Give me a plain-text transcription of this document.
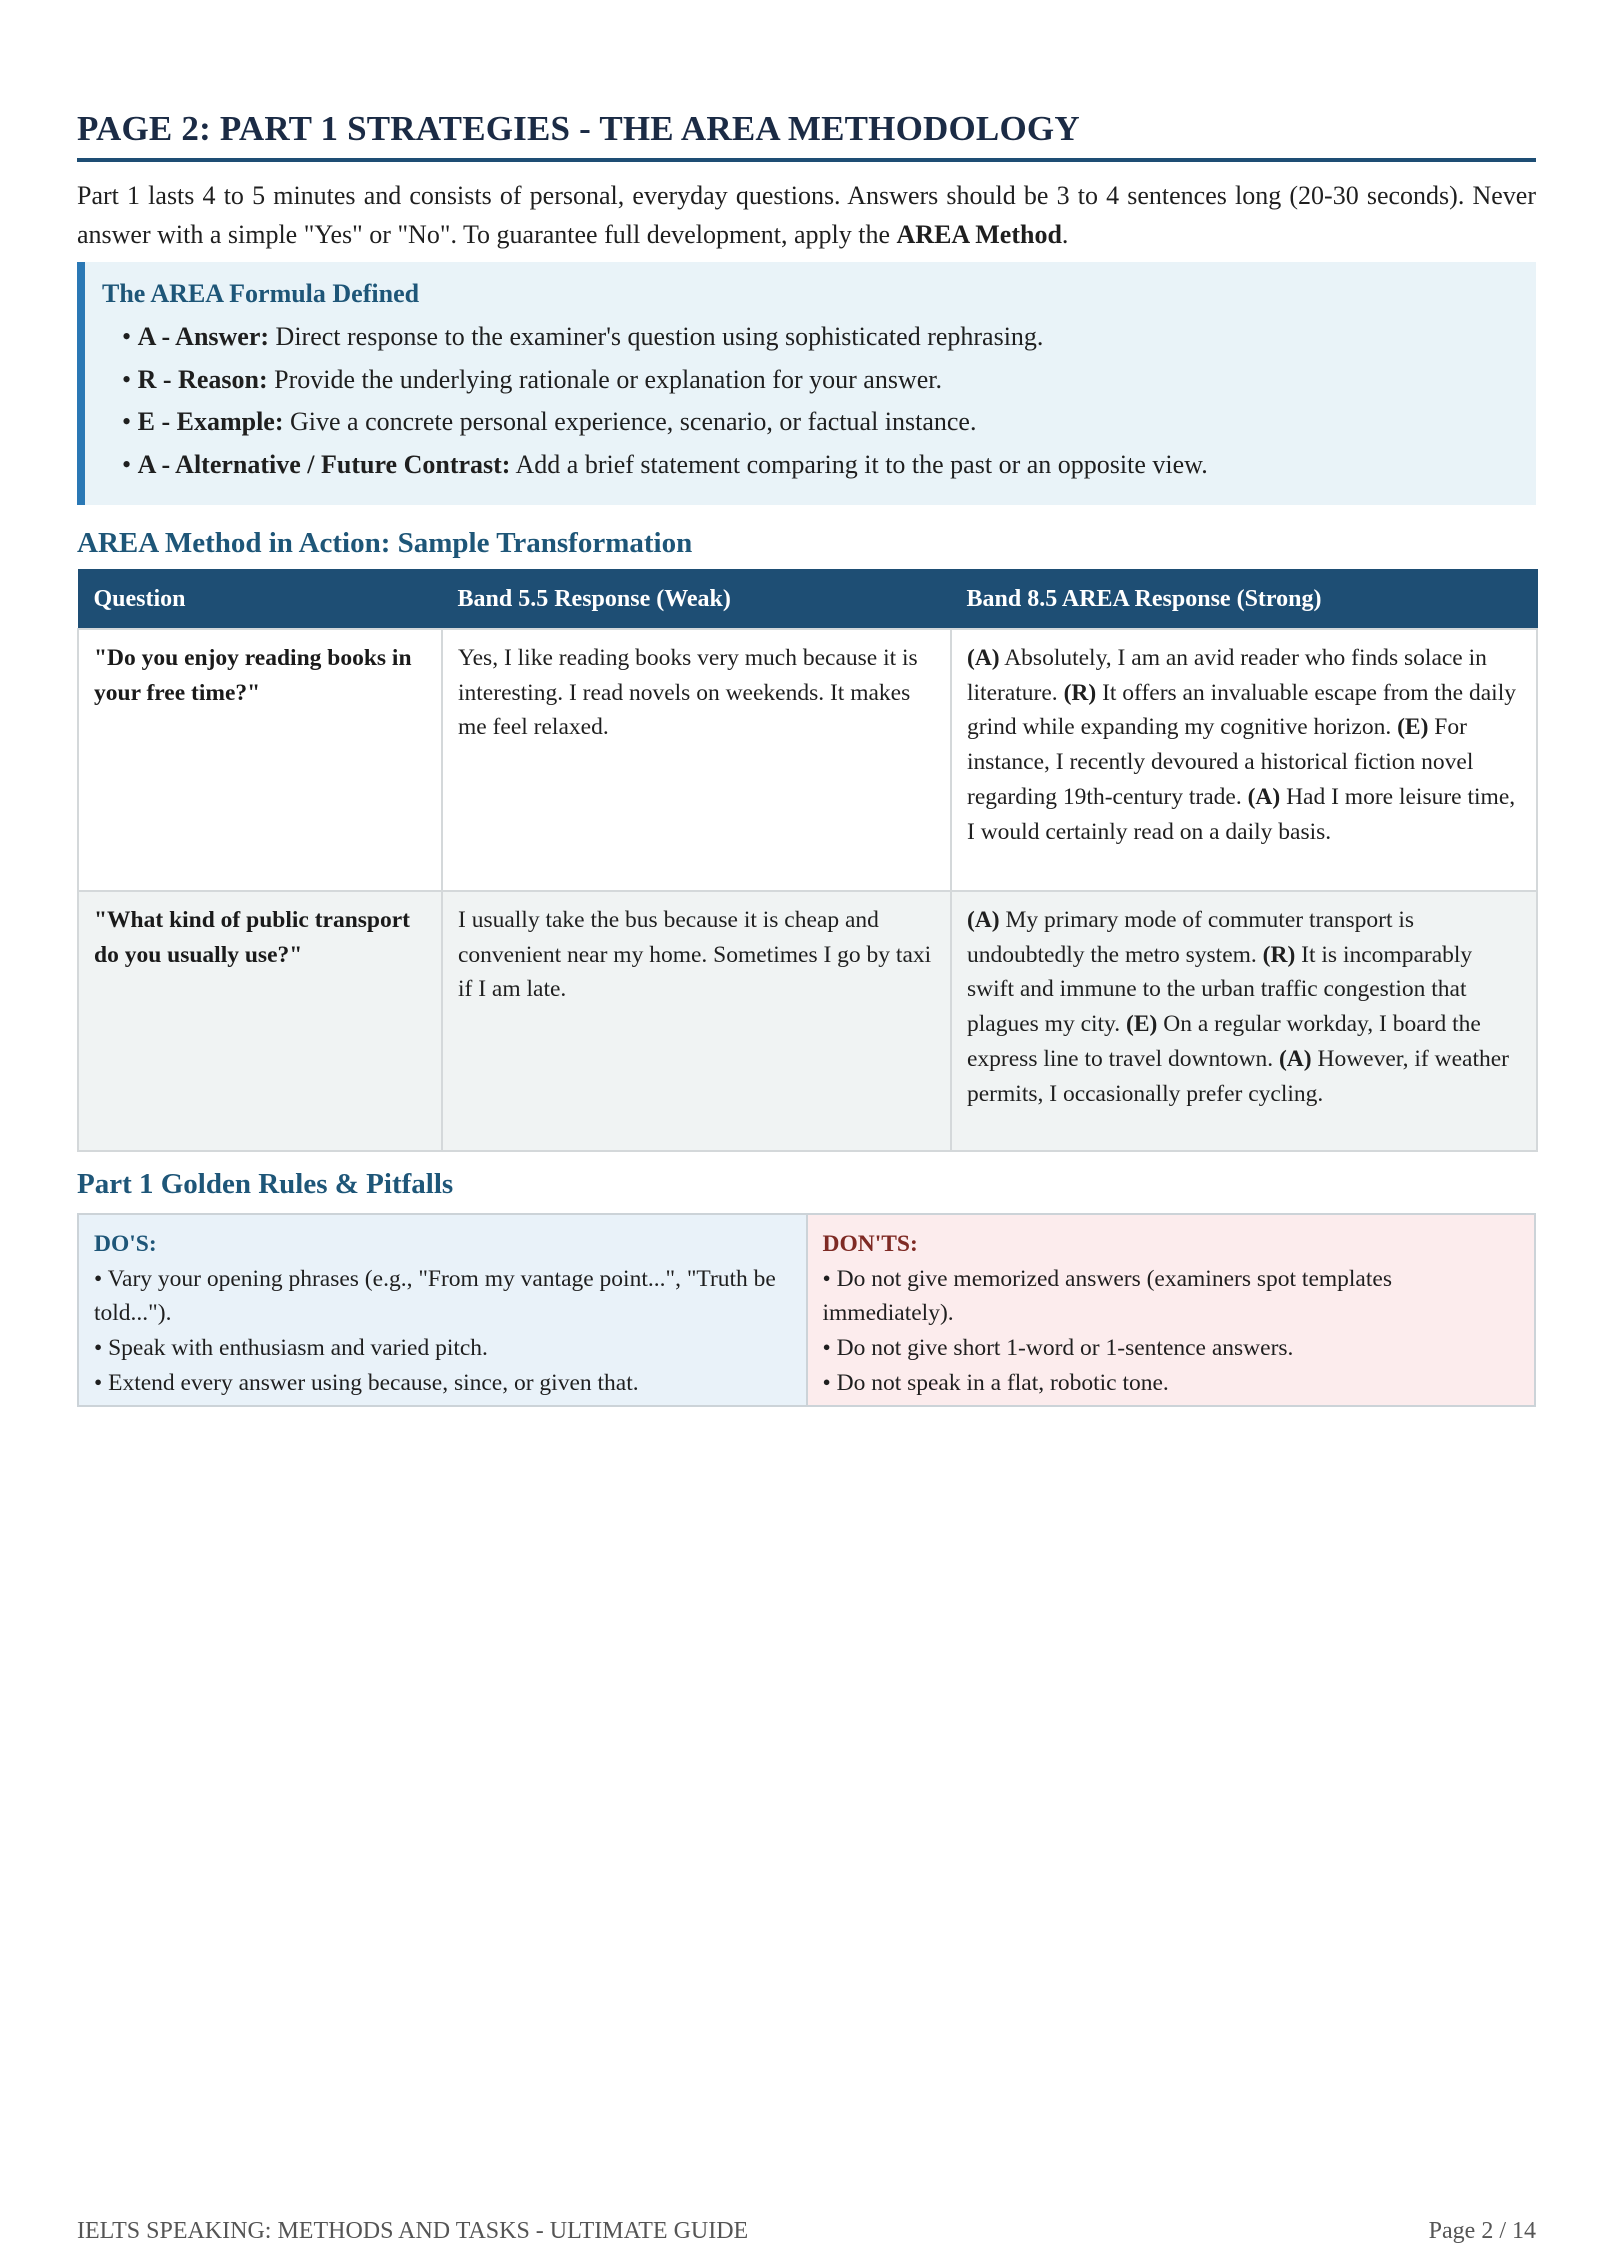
PAGE 2: PART 1 STRATEGIES - THE AREA METHODOLOGY

Part 1 lasts 4 to 5 minutes and consists of personal, everyday questions. Answers should be 3 to 4 sentences long (20-30 seconds). Never answer with a simple "Yes" or "No". To guarantee full development, apply the AREA Method.

The AREA Formula Defined
• A - Answer: Direct response to the examiner's question using sophisticated rephrasing.
• R - Reason: Provide the underlying rationale or explanation for your answer.
• E - Example: Give a concrete personal experience, scenario, or factual instance.
• A - Alternative / Future Contrast: Add a brief statement comparing it to the past or an opposite view.
AREA Method in Action: Sample Transformation
Question	Band 5.5 Response (Weak)	Band 8.5 AREA Response (Strong)
"Do you enjoy reading books in your free time?"	Yes, I like reading books very much because it is interesting. I read novels on weekends. It makes me feel relaxed.	(A) Absolutely, I am an avid reader who finds solace in literature. (R) It offers an invaluable escape from the daily grind while expanding my cognitive horizon. (E) For instance, I recently devoured a historical fiction novel regarding 19th-century trade. (A) Had I more leisure time, I would certainly read on a daily basis.
"What kind of public transport do you usually use?"	I usually take the bus because it is cheap and convenient near my home. Sometimes I go by taxi if I am late.	(A) My primary mode of commuter transport is undoubtedly the metro system. (R) It is incomparably swift and immune to the urban traffic congestion that plagues my city. (E) On a regular workday, I board the express line to travel downtown. (A) However, if weather permits, I occasionally prefer cycling.
Part 1 Golden Rules & Pitfalls
DO'S:
• Vary your opening phrases (e.g., "From my vantage point...", "Truth be told...").
• Speak with enthusiasm and varied pitch.
• Extend every answer using because, since, or given that.
DON'TS:
• Do not give memorized answers (examiners spot templates immediately).
• Do not give short 1-word or 1-sentence answers.
• Do not speak in a flat, robotic tone.
IELTS SPEAKING: METHODS AND TASKS - ULTIMATE GUIDE	Page 2 / 14
